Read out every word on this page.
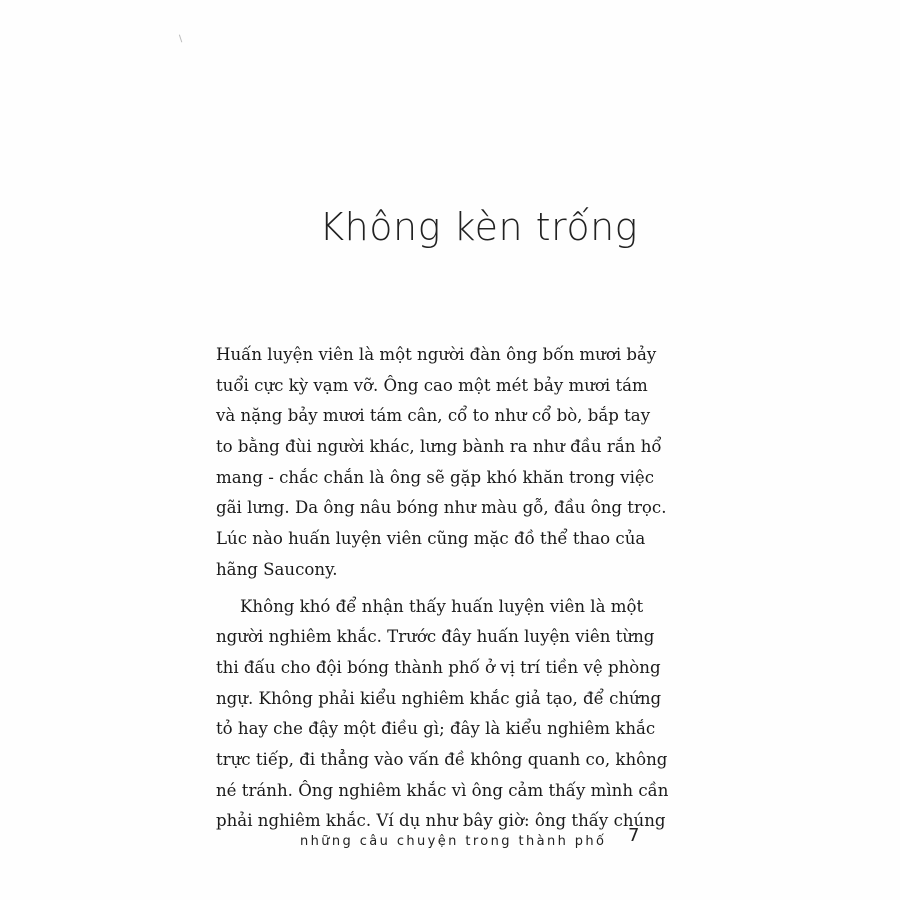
Không kèn trống
Huấn luyện viên là một người đàn ông bốn mươi bảy
tuổi cực kỳ vạm vỡ. Ông cao một mét bảy mươi tám
và nặng bảy mươi tám cân, cổ to như cổ bò, bắp tay
to bằng đùi người khác, lưng bành ra như đầu rắn hổ
mang - chắc chắn là ông sẽ gặp khó khăn trong việc
gãi lưng. Da ông nâu bóng như màu gỗ, đầu ông trọc.
Lúc nào huấn luyện viên cũng mặc đồ thể thao của
hãng Saucony.
Không khó để nhận thấy huấn luyện viên là một
người nghiêm khắc. Trước đây huấn luyện viên từng
thi đấu cho đội bóng thành phố ở vị trí tiền vệ phòng
ngự. Không phải kiểu nghiêm khắc giả tạo, để chứng
tỏ hay che đậy một điều gì; đây là kiểu nghiêm khắc
trực tiếp, đi thẳng vào vấn đề không quanh co, không
né tránh. Ông nghiêm khắc vì ông cảm thấy mình cần
phải nghiêm khắc. Ví dụ như bây giờ: ông thấy chúng
những câu chuyện trong thành phố 7
